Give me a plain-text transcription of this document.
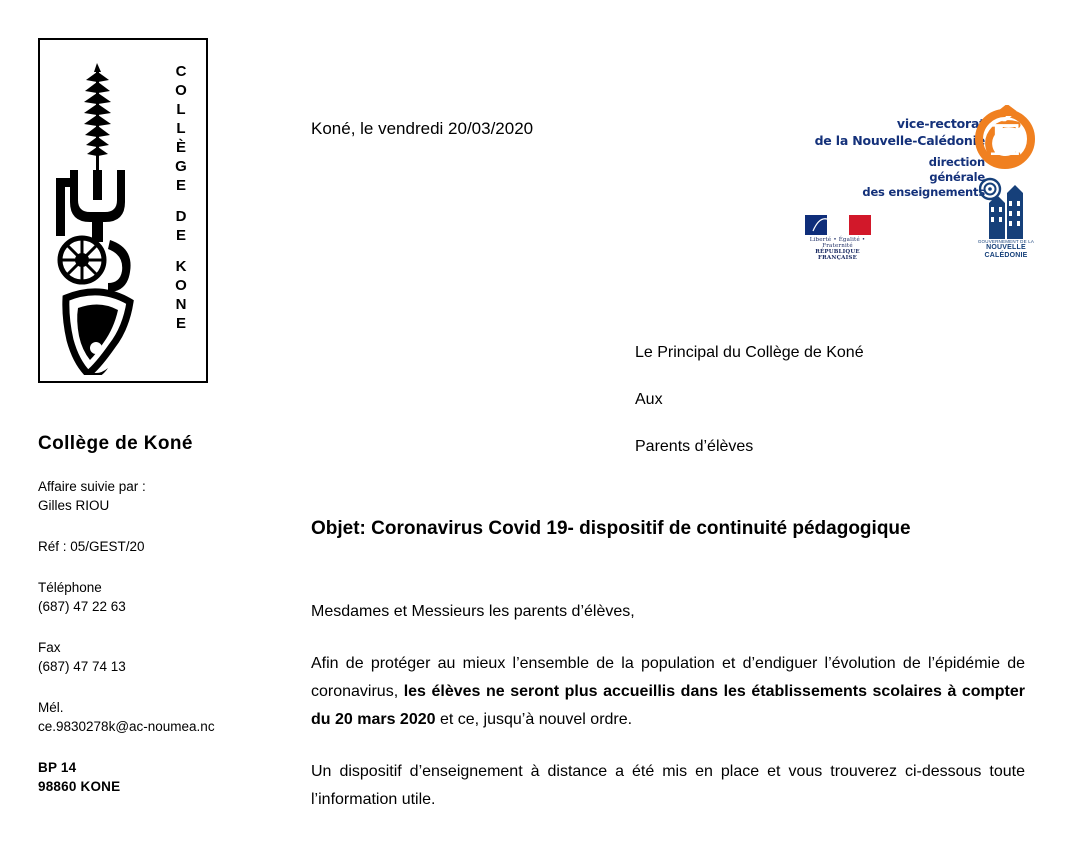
C
O
L
L
È
G
E
D
E
K
O
N
E
Collège de Koné
Affaire suivie par :
Gilles RIOU
Réf : 05/GEST/20
Téléphone
(687) 47 22 63
Fax
(687) 47 74 13
Mél.
ce.9830278k@ac-noumea.nc
BP 14
98860 KONE
vice-rectorat
de la Nouvelle-Calédonie
direction
générale
des enseignements
É
Liberté • Égalité • Fraternité
RÉPUBLIQUE FRANÇAISE
GOUVERNEMENT DE LA
NOUVELLE
CALÉDONIE
Koné, le vendredi 20/03/2020
Le Principal du Collège de Koné
Aux
Parents d’élèves
Objet: Coronavirus Covid 19- dispositif de continuité pédagogique

Mesdames et Messieurs les parents d’élèves,

Afin de protéger au mieux l’ensemble de la population et d’endiguer l’évolution de l’épidémie de coronavirus, les élèves ne seront plus accueillis dans les établissements scolaires à compter du 20 mars 2020 et ce, jusqu’à nouvel ordre.

Un dispositif d’enseignement à distance a été mis en place et vous trouverez ci-dessous toute l’information utile.
